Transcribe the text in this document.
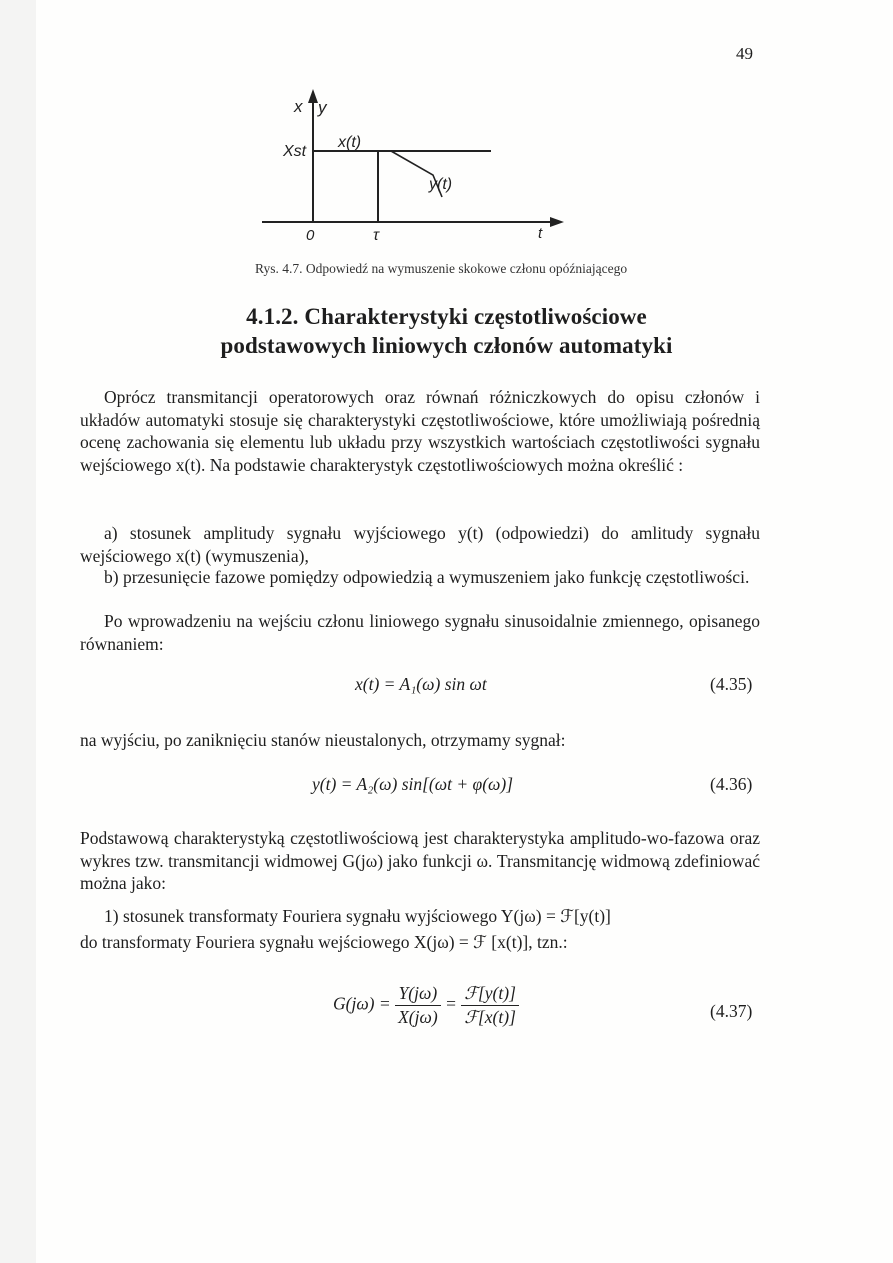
49
x y
Xst
x(t)
y(t)
0	τ	t
Rys. 4.7. Odpowiedź na wymuszenie skokowe członu opóźniającego
4.1.2. Charakterystyki częstotliwościowe
podstawowych liniowych członów automatyki
Oprócz transmitancji operatorowych oraz równań różniczkowych do opisu członów i układów automatyki stosuje się charakterystyki częstotliwościowe, które umożliwiają pośrednią ocenę zachowania się elementu lub układu przy wszystkich wartościach częstotliwości sygnału wejściowego x(t). Na podstawie charakterystyk częstotliwościowych można określić :
a) stosunek amplitudy sygnału wyjściowego y(t) (odpowiedzi) do amlitudy sygnału wejściowego x(t) (wymuszenia),
b) przesunięcie fazowe pomiędzy odpowiedzią a wymuszeniem jako funkcję częstotliwości.
Po wprowadzeniu na wejściu członu liniowego sygnału sinusoidalnie zmiennego, opisanego równaniem:
x(t) = A₁(ω) sin ωt	(4.35)
na wyjściu, po zaniknięciu stanów nieustalonych, otrzymamy sygnał:
y(t) = A₂(ω) sin[(ωt + φ(ω)]	(4.36)
Podstawową charakterystyką częstotliwościową jest charakterystyka amplitudo-wo-fazowa oraz wykres tzw. transmitancji widmowej G(jω) jako funkcji ω. Transmitancję widmową zdefiniować można jako:
1) stosunek transformaty Fouriera sygnału wyjściowego Y(jω) = ℱ[y(t)]
do transformaty Fouriera sygnału wejściowego X(jω) = ℱ [x(t)], tzn.:
$G(j\omega) = \frac{Y(j\omega)}{X(j\omega)} = \frac{\text{ℱ[y(t)]}}{\text{ℱ[x(t)]}}$	(4.37)
